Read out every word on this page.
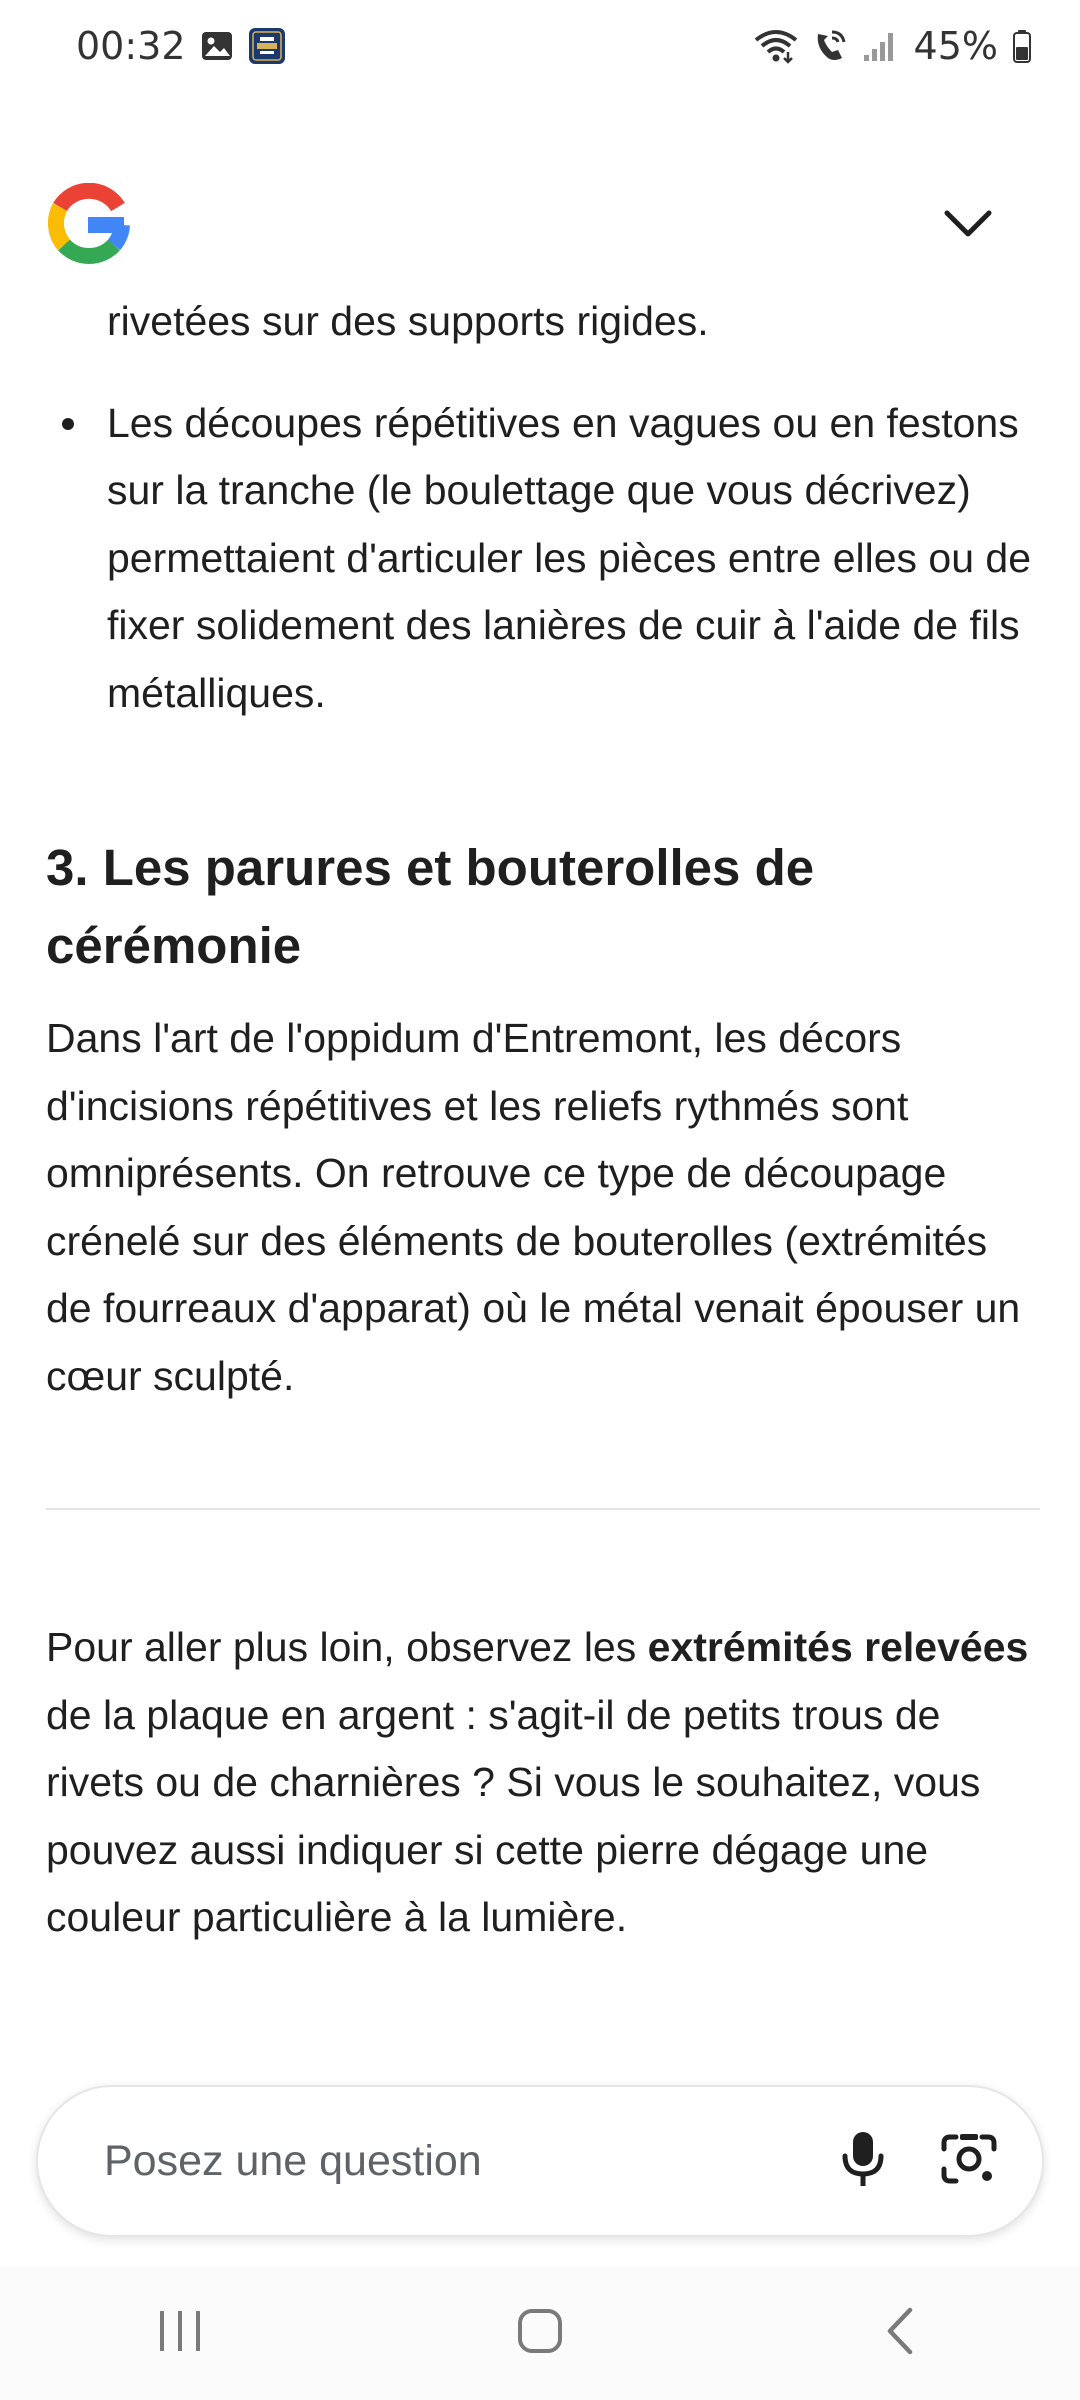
00:32	45%
rivetées sur des supports rigides.
Les découpes répétitives en vagues ou en festons sur la tranche (le boulettage que vous décrivez) permettaient d'articuler les pièces entre elles ou de fixer solidement des lanières de cuir à l'aide de fils métalliques.
3. Les parures et bouterolles de cérémonie

Dans l'art de l'oppidum d'Entremont, les décors d'incisions répétitives et les reliefs rythmés sont omniprésents. On retrouve ce type de découpage crénelé sur des éléments de bouterolles (extrémités de fourreaux d'apparat) où le métal venait épouser un cœur sculpté.

Pour aller plus loin, observez les extrémités relevées de la plaque en argent : s'agit-il de petits trous de rivets ou de charnières ? Si vous le souhaitez, vous pouvez aussi indiquer si cette pierre dégage une couleur particulière à la lumière.

Posez une question
